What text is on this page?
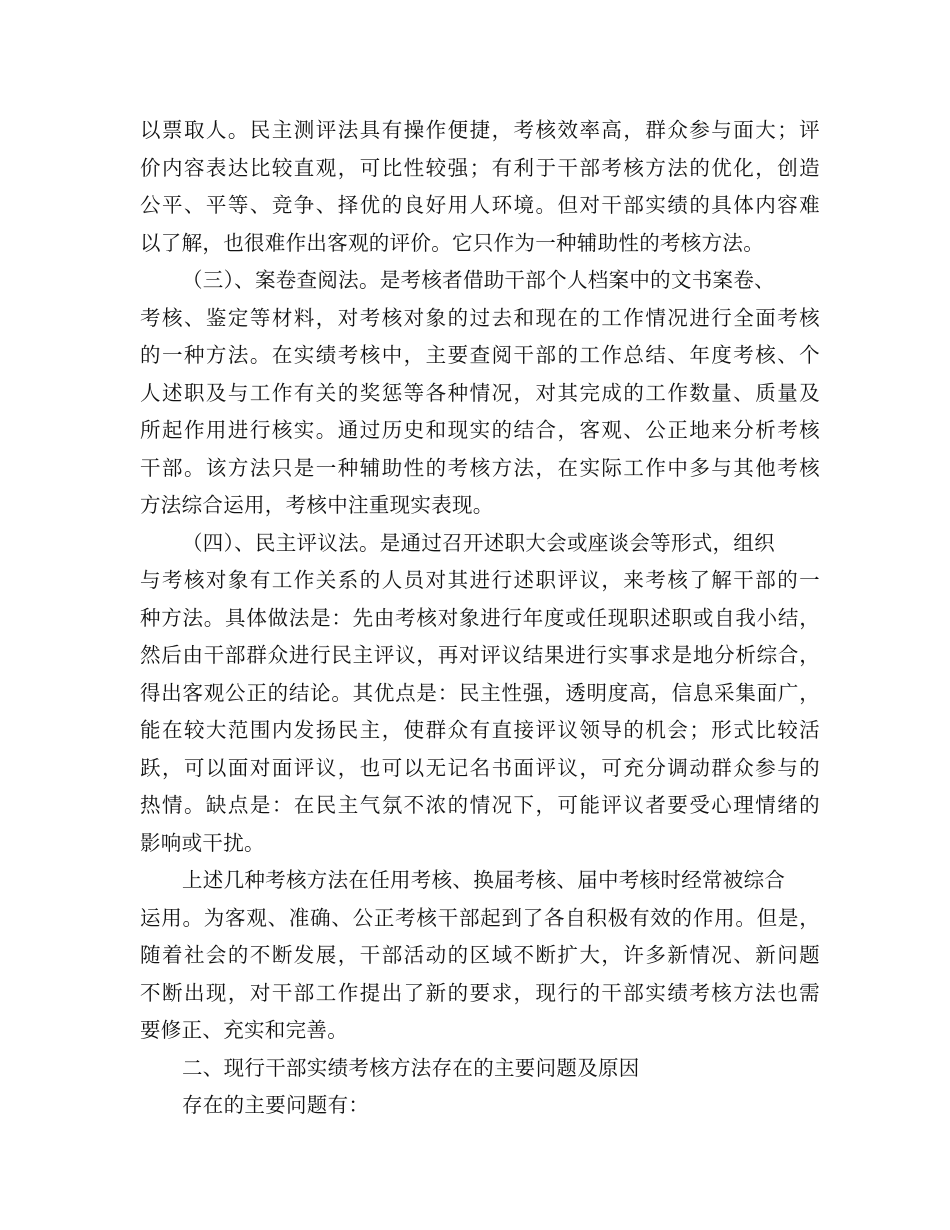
以票取人。民主测评法具有操作便捷，考核效率高，群众参与面大；评
价内容表达比较直观，可比性较强；有利于干部考核方法的优化，创造
公平、平等、竞争、择优的良好用人环境。但对干部实绩的具体内容难
以了解，也很难作出客观的评价。它只作为一种辅助性的考核方法。
（三）、案卷查阅法。是考核者借助干部个人档案中的文书案卷、
考核、鉴定等材料，对考核对象的过去和现在的工作情况进行全面考核
的一种方法。在实绩考核中，主要查阅干部的工作总结、年度考核、个
人述职及与工作有关的奖惩等各种情况，对其完成的工作数量、质量及
所起作用进行核实。通过历史和现实的结合，客观、公正地来分析考核
干部。该方法只是一种辅助性的考核方法，在实际工作中多与其他考核
方法综合运用，考核中注重现实表现。
（四）、民主评议法。是通过召开述职大会或座谈会等形式，组织
与考核对象有工作关系的人员对其进行述职评议，来考核了解干部的一
种方法。具体做法是：先由考核对象进行年度或任现职述职或自我小结，
然后由干部群众进行民主评议，再对评议结果进行实事求是地分析综合，
得出客观公正的结论。其优点是：民主性强，透明度高，信息采集面广，
能在较大范围内发扬民主，使群众有直接评议领导的机会；形式比较活
跃，可以面对面评议，也可以无记名书面评议，可充分调动群众参与的
热情。缺点是：在民主气氛不浓的情况下，可能评议者要受心理情绪的
影响或干扰。
上述几种考核方法在任用考核、换届考核、届中考核时经常被综合
运用。为客观、准确、公正考核干部起到了各自积极有效的作用。但是，
随着社会的不断发展，干部活动的区域不断扩大，许多新情况、新问题
不断出现，对干部工作提出了新的要求，现行的干部实绩考核方法也需
要修正、充实和完善。
二、现行干部实绩考核方法存在的主要问题及原因
存在的主要问题有：
